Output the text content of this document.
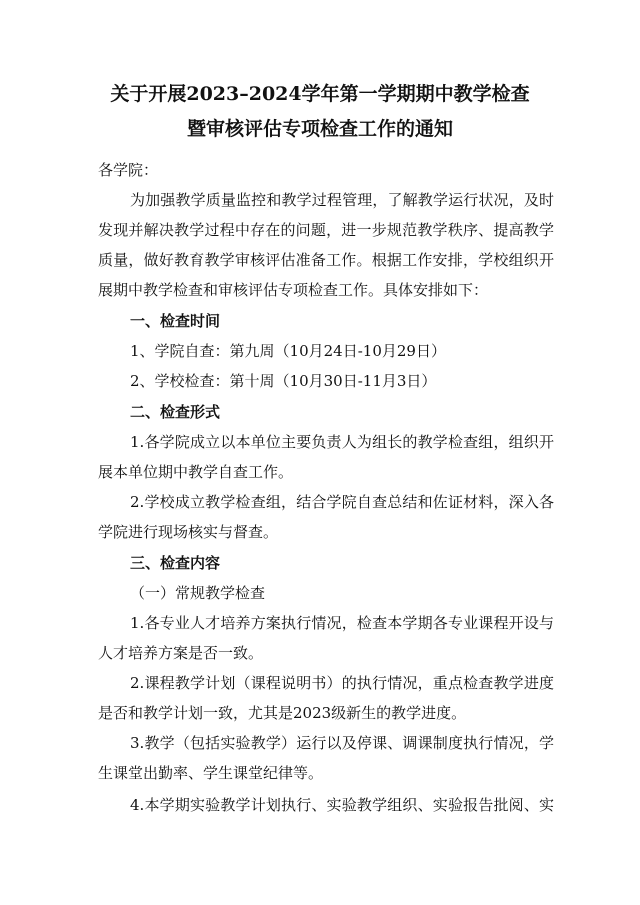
关于开展2023–2024学年第一学期期中教学检查
暨审核评估专项检查工作的通知
各学院：
为加强教学质量监控和教学过程管理，了解教学运行状况，及时
发现并解决教学过程中存在的问题，进一步规范教学秩序、提高教学
质量，做好教育教学审核评估准备工作。根据工作安排，学校组织开
展期中教学检查和审核评估专项检查工作。具体安排如下：
一、检查时间
1、学院自查：第九周（10月24日-10月29日）
2、学校检查：第十周（10月30日-11月3日）
二、检查形式
1.各学院成立以本单位主要负责人为组长的教学检查组，组织开
展本单位期中教学自查工作。
2.学校成立教学检查组，结合学院自查总结和佐证材料，深入各
学院进行现场核实与督查。
三、检查内容
（一）常规教学检查
1.各专业人才培养方案执行情况，检查本学期各专业课程开设与
人才培养方案是否一致。
2.课程教学计划（课程说明书）的执行情况，重点检查教学进度
是否和教学计划一致，尤其是2023级新生的教学进度。
3.教学（包括实验教学）运行以及停课、调课制度执行情况，学
生课堂出勤率、学生课堂纪律等。
4.本学期实验教学计划执行、实验教学组织、实验报告批阅、实
